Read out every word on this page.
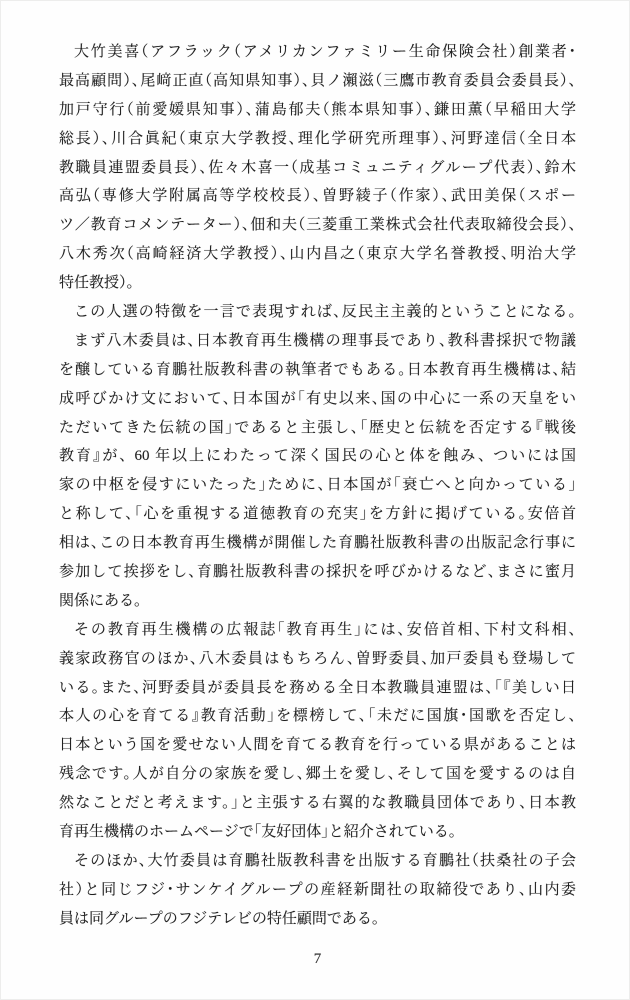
大竹美喜（アフラック（アメリカンファミリー生命保険会社）創業者・
最高顧問）、尾﨑正直（高知県知事）、貝ノ瀨滋（三鷹市教育委員会委員長）、
加戸守行（前愛媛県知事）、蒲島郁夫（熊本県知事）、鎌田薫（早稲田大学
総長）、川合眞紀（東京大学教授、理化学研究所理事）、河野達信（全日本
教職員連盟委員長）、佐々木喜一（成基コミュニティグループ代表）、鈴木
高弘（専修大学附属高等学校校長）、曽野綾子（作家）、武田美保（スポー
ツ／教育コメンテーター）、佃和夫（三菱重工業株式会社代表取締役会長）、
八木秀次（高崎経済大学教授）、山内昌之（東京大学名誉教授、明治大学
特任教授）。
この人選の特徴を一言で表現すれば、反民主主義的ということになる。
まず八木委員は、日本教育再生機構の理事長であり、教科書採択で物議
を醸している育鵬社版教科書の執筆者でもある。日本教育再生機構は、結
成呼びかけ文において、日本国が「有史以来、国の中心に一系の天皇をい
ただいてきた伝統の国」であると主張し、「歴史と伝統を否定する『戦後
教育』が、 60 年以上にわたって深く国民の心と体を蝕み、 ついには国
家の中枢を侵すにいたった」ために、日本国が「衰亡へと向かっている」
と称して、「心を重視する道徳教育の充実」を方針に掲げている。安倍首
相は、この日本教育再生機構が開催した育鵬社版教科書の出版記念行事に
参加して挨拶をし、育鵬社版教科書の採択を呼びかけるなど、まさに蜜月
関係にある。
その教育再生機構の広報誌「教育再生」には、安倍首相、下村文科相、
義家政務官のほか、八木委員はもちろん、曽野委員、加戸委員も登場して
いる。また、河野委員が委員長を務める全日本教職員連盟は、「『美しい日
本人の心を育てる』教育活動」を標榜して、「未だに国旗・国歌を否定し、
日本という国を愛せない人間を育てる教育を行っている県があることは
残念です。人が自分の家族を愛し、郷土を愛し、そして国を愛するのは自
然なことだと考えます。」と主張する右翼的な教職員団体であり、日本教
育再生機構のホームページで「友好団体」と紹介されている。
そのほか、大竹委員は育鵬社版教科書を出版する育鵬社（扶桑社の子会
社）と同じフジ・サンケイグループの産経新聞社の取締役であり、山内委
員は同グループのフジテレビの特任顧問である。
7
